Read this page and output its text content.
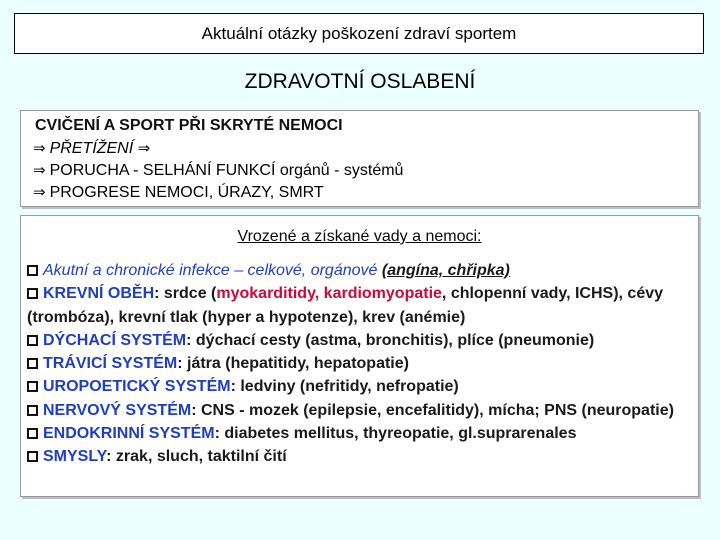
Aktuální otázky poškození zdraví sportem
ZDRAVOTNÍ OSLABENÍ
CVIČENÍ A SPORT PŘI SKRYTÉ NEMOCI
⇒ PŘETÍŽENÍ ⇒
⇒ PORUCHA - SELHÁNÍ FUNKCÍ orgánů - systémů
⇒ PROGRESE NEMOCI, ÚRAZY, SMRT
Vrozené a získané vady a nemoci:
Akutní a chronické infekce – celkové, orgánové (angína, chřipka)
KREVNÍ OBĚH: srdce (myokarditidy, kardiomyopatie, chlopenní vady, ICHS), cévy (trombóza), krevní tlak (hyper a hypotenze), krev (anémie)
DÝCHACÍ SYSTÉM: dýchací cesty (astma, bronchitis), plíce (pneumonie)
TRÁVICÍ SYSTÉM: játra (hepatitidy, hepatopatie)
UROPOETICKÝ SYSTÉM: ledviny (nefritidy, nefropatie)
NERVOVÝ SYSTÉM: CNS - mozek (epilepsie, encefalitidy), mícha; PNS (neuropatie)
ENDOKRINNÍ SYSTÉM: diabetes mellitus, thyreopatie, gl.suprarenales
SMYSLY: zrak, sluch, taktilní čití
